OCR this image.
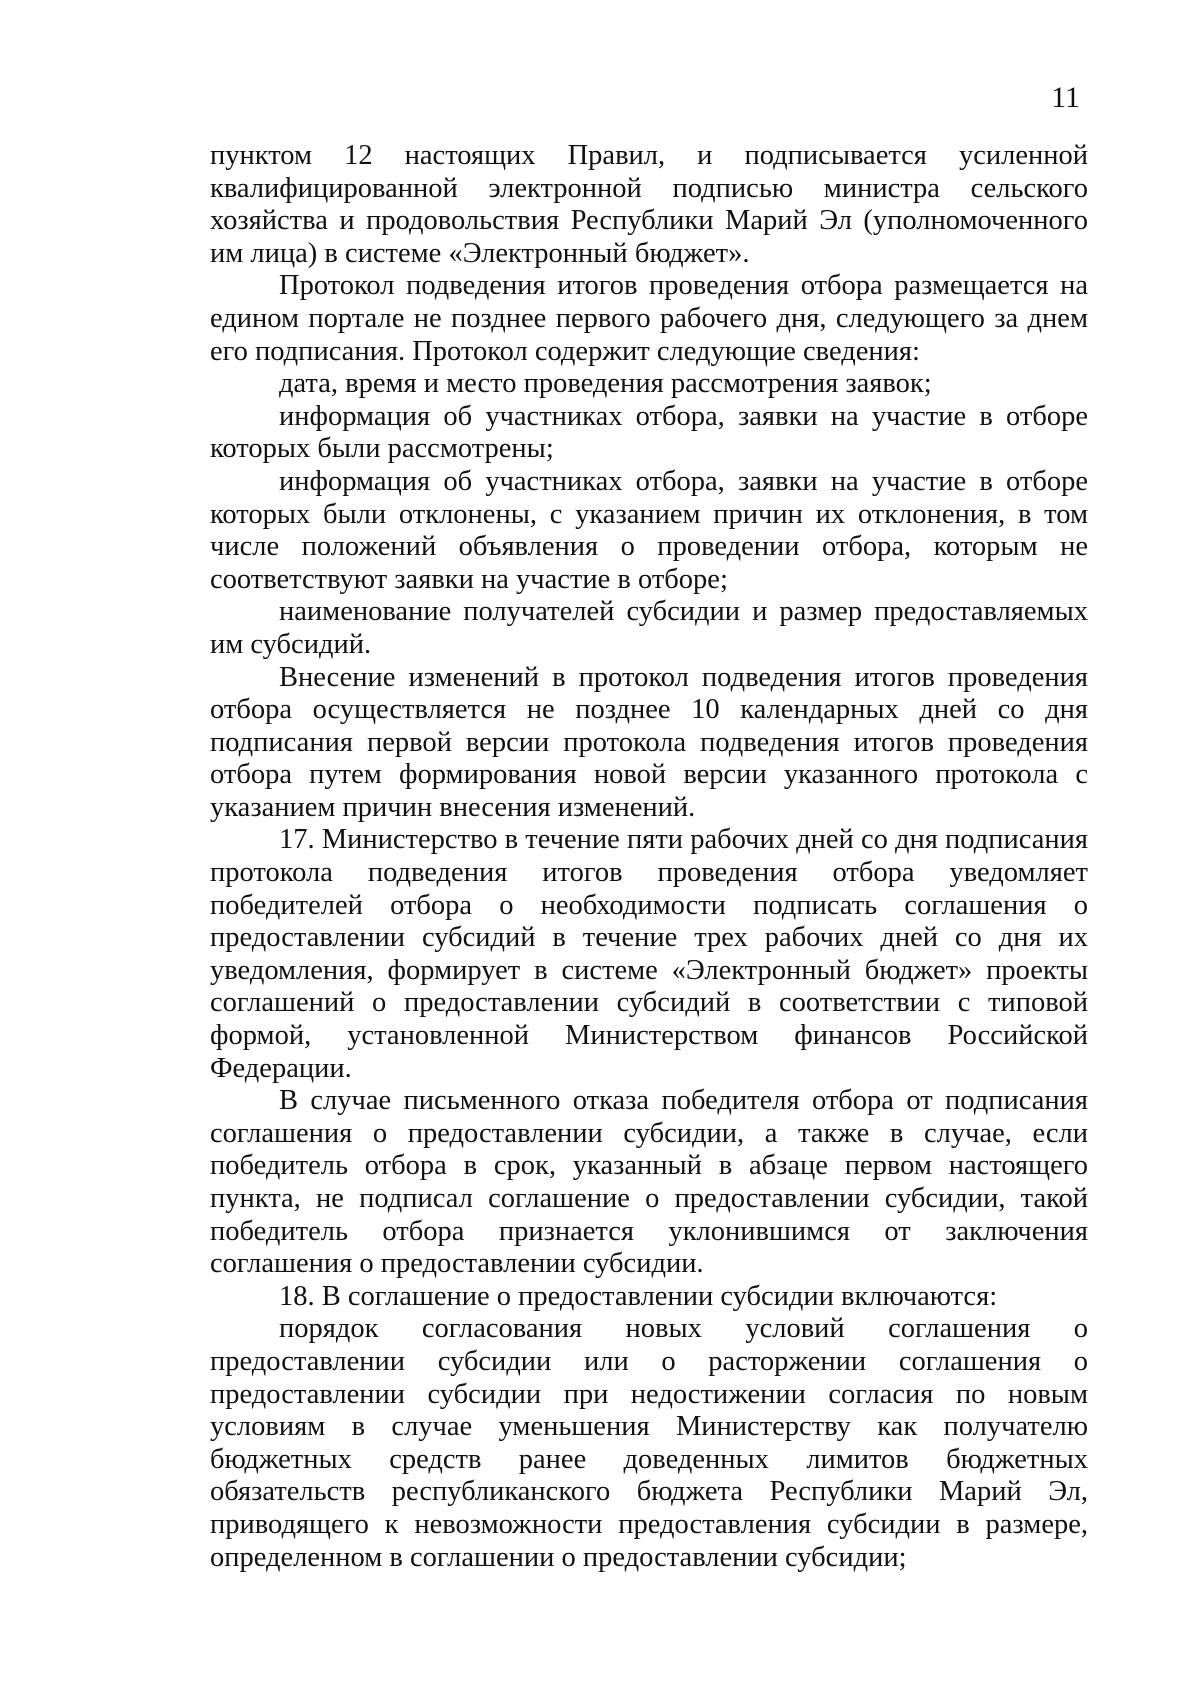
11

пунктом 12 настоящих Правил, и подписывается усиленной квалифицированной электронной подписью министра сельского хозяйства и продовольствия Республики Марий Эл (уполномоченного им лица) в системе «Электронный бюджет».

Протокол подведения итогов проведения отбора размещается на едином портале не позднее первого рабочего дня, следующего за днем его подписания. Протокол содержит следующие сведения:

дата, время и место проведения рассмотрения заявок;

информация об участниках отбора, заявки на участие в отборе которых были рассмотрены;

информация об участниках отбора, заявки на участие в отборе которых были отклонены, с указанием причин их отклонения, в том числе положений объявления о проведении отбора, которым не соответствуют заявки на участие в отборе;

наименование получателей субсидии и размер предоставляемых им субсидий.

Внесение изменений в протокол подведения итогов проведения отбора осуществляется не позднее 10 календарных дней со дня подписания первой версии протокола подведения итогов проведения отбора путем формирования новой версии указанного протокола с указанием причин внесения изменений.

17. Министерство в течение пяти рабочих дней со дня подписания протокола подведения итогов проведения отбора уведомляет победителей отбора о необходимости подписать соглашения о предоставлении субсидий в течение трех рабочих дней со дня их уведомления, формирует в системе «Электронный бюджет» проекты соглашений о предоставлении субсидий в соответствии с типовой формой, установленной Министерством финансов Российской Федерации.

В случае письменного отказа победителя отбора от подписания соглашения о предоставлении субсидии, а также в случае, если победитель отбора в срок, указанный в абзаце первом настоящего пункта, не подписал соглашение о предоставлении субсидии, такой победитель отбора признается уклонившимся от заключения соглашения о предоставлении субсидии.

18. В соглашение о предоставлении субсидии включаются:

порядок согласования новых условий соглашения о предоставлении субсидии или о расторжении соглашения о предоставлении субсидии при недостижении согласия по новым условиям в случае уменьшения Министерству как получателю бюджетных средств ранее доведенных лимитов бюджетных обязательств республиканского бюджета Республики Марий Эл, приводящего к невозможности предоставления субсидии в размере, определенном в соглашении о предоставлении субсидии;
